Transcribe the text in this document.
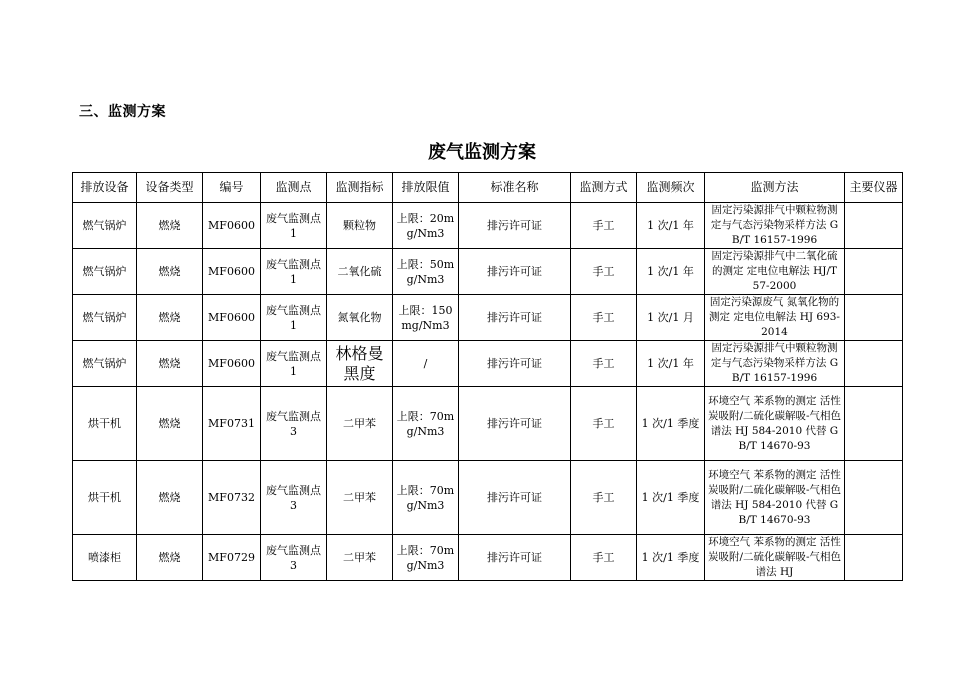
三、监测方案
废气监测方案
排放设备	设备类型	编号	监测点	监测指标	排放限值	标准名称	监测方式	监测频次	监测方法	主要仪器
燃气锅炉	燃烧	MF0600	废气监测点 1	颗粒物	上限：20mg/Nm3	排污许可证	手工	1 次/1 年	固定污染源排气中颗粒物测定与气态污染物采样方法 GB/T 16157-1996	
燃气锅炉	燃烧	MF0600	废气监测点 1	二氧化硫	上限：50mg/Nm3	排污许可证	手工	1 次/1 年	固定污染源排气中二氧化硫的测定 定电位电解法 HJ/T 57-2000	
燃气锅炉	燃烧	MF0600	废气监测点 1	氮氧化物	上限：150mg/Nm3	排污许可证	手工	1 次/1 月	固定污染源废气 氮氧化物的测定 定电位电解法 HJ 693-2014	
燃气锅炉	燃烧	MF0600	废气监测点 1	林格曼黑度	/	排污许可证	手工	1 次/1 年	固定污染源排气中颗粒物测定与气态污染物采样方法 GB/T 16157-1996	
烘干机	燃烧	MF0731	废气监测点 3	二甲苯	上限：70mg/Nm3	排污许可证	手工	1 次/1 季度	环境空气 苯系物的测定 活性炭吸附/二硫化碳解吸-气相色谱法 HJ 584-2010 代替 GB/T 14670-93	
烘干机	燃烧	MF0732	废气监测点 3	二甲苯	上限：70mg/Nm3	排污许可证	手工	1 次/1 季度	环境空气 苯系物的测定 活性炭吸附/二硫化碳解吸-气相色谱法 HJ 584-2010 代替 GB/T 14670-93	
喷漆柜	燃烧	MF0729	废气监测点 3	二甲苯	上限：70mg/Nm3	排污许可证	手工	1 次/1 季度	环境空气 苯系物的测定 活性炭吸附/二硫化碳解吸-气相色谱法 HJ	
